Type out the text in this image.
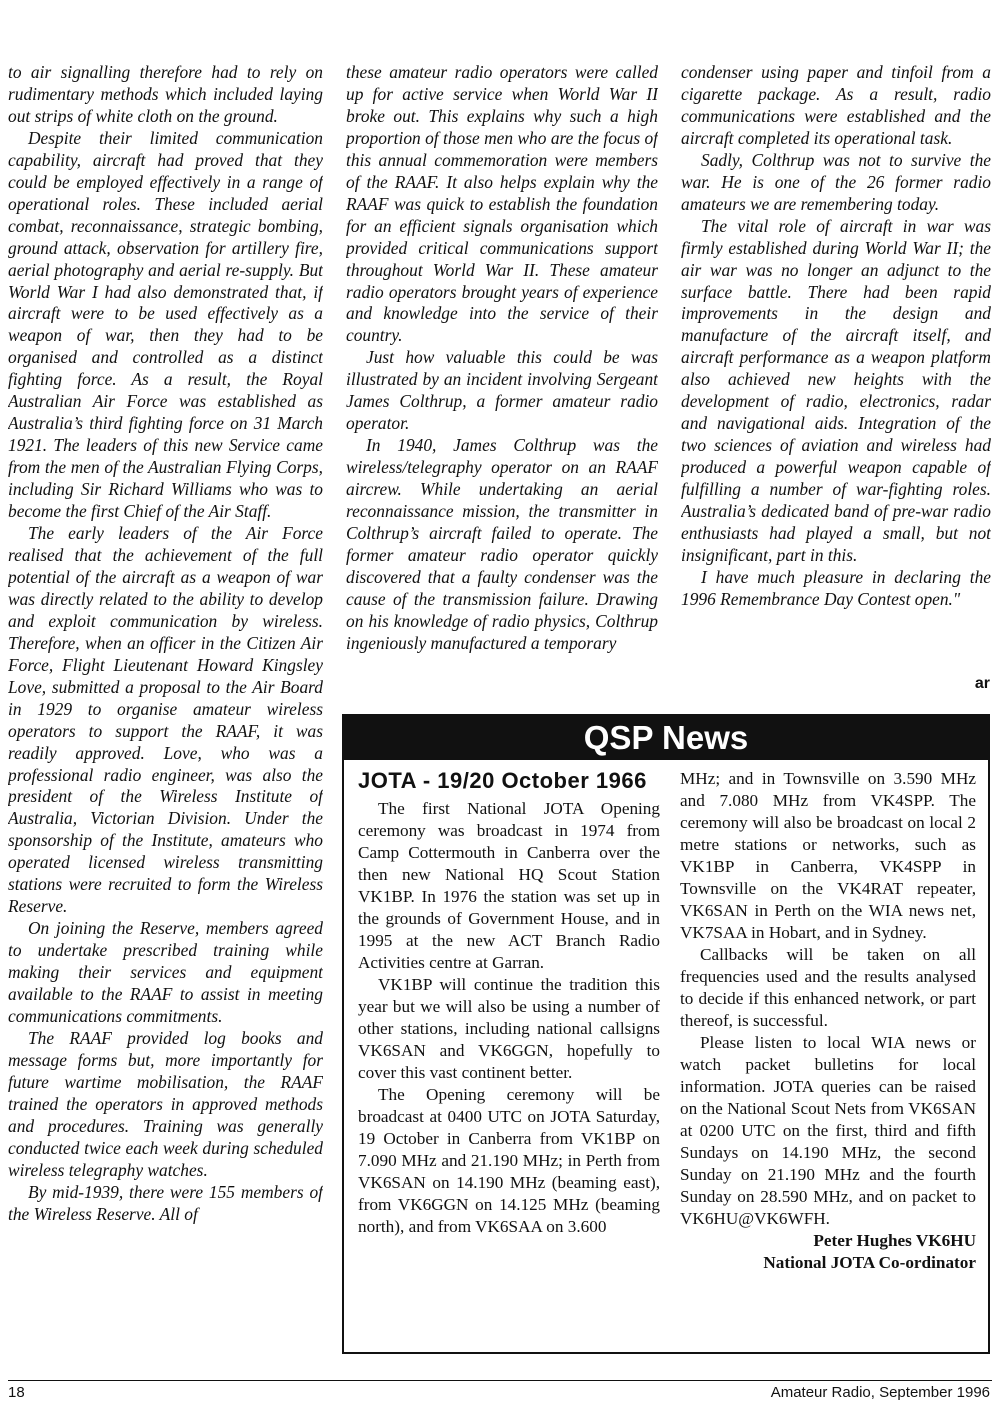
to air signalling therefore had to rely on rudimentary methods which included laying out strips of white cloth on the ground.

Despite their limited communication capability, aircraft had proved that they could be employed effectively in a range of operational roles. These included aerial combat, reconnaissance, strategic bombing, ground attack, observation for artillery fire, aerial photography and aerial re-supply. But World War I had also demonstrated that, if aircraft were to be used effectively as a weapon of war, then they had to be organised and controlled as a distinct fighting force. As a result, the Royal Australian Air Force was established as Australia’s third fighting force on 31 March 1921. The leaders of this new Service came from the men of the Australian Flying Corps, including Sir Richard Williams who was to become the first Chief of the Air Staff.

The early leaders of the Air Force realised that the achievement of the full potential of the aircraft as a weapon of war was directly related to the ability to develop and exploit communication by wireless. Therefore, when an officer in the Citizen Air Force, Flight Lieutenant Howard Kingsley Love, submitted a proposal to the Air Board in 1929 to organise amateur wireless operators to support the RAAF, it was readily approved. Love, who was a professional radio engineer, was also the president of the Wireless Institute of Australia, Victorian Division. Under the sponsorship of the Institute, amateurs who operated licensed wireless transmitting stations were recruited to form the Wireless Reserve.

On joining the Reserve, members agreed to undertake prescribed training while making their services and equipment available to the RAAF to assist in meeting communications commitments.

The RAAF provided log books and message forms but, more importantly for future wartime mobilisation, the RAAF trained the operators in approved methods and procedures. Training was generally conducted twice each week during scheduled wireless telegraphy watches.

By mid-1939, there were 155 members of the Wireless Reserve. All of

these amateur radio operators were called up for active service when World War II broke out. This explains why such a high proportion of those men who are the focus of this annual commemoration were members of the RAAF. It also helps explain why the RAAF was quick to establish the foundation for an efficient signals organisation which provided critical communications support throughout World War II. These amateur radio operators brought years of experience and knowledge into the service of their country.

Just how valuable this could be was illustrated by an incident involving Sergeant James Colthrup, a former amateur radio operator.

In 1940, James Colthrup was the wireless/telegraphy operator on an RAAF aircrew. While undertaking an aerial reconnaissance mission, the transmitter in Colthrup’s aircraft failed to operate. The former amateur radio operator quickly discovered that a faulty condenser was the cause of the transmission failure. Drawing on his knowledge of radio physics, Colthrup ingeniously manufactured a temporary

condenser using paper and tinfoil from a cigarette package. As a result, radio communications were established and the aircraft completed its operational task.

Sadly, Colthrup was not to survive the war. He is one of the 26 former radio amateurs we are remembering today.

The vital role of aircraft in war was firmly established during World War II; the air war was no longer an adjunct to the surface battle. There had been rapid improvements in the design and manufacture of the aircraft itself, and aircraft performance as a weapon platform also achieved new heights with the development of radio, electronics, radar and navigational aids. Integration of the two sciences of aviation and wireless had produced a powerful weapon capable of fulfilling a number of war-fighting roles. Australia’s dedicated band of pre-war radio enthusiasts had played a small, but not insignificant, part in this.

I have much pleasure in declaring the 1996 Remembrance Day Contest open."

ar
QSP News
JOTA - 19/20 October 1966

The first National JOTA Opening ceremony was broadcast in 1974 from Camp Cottermouth in Canberra over the then new National HQ Scout Station VK1BP. In 1976 the station was set up in the grounds of Government House, and in 1995 at the new ACT Branch Radio Activities centre at Garran.

VK1BP will continue the tradition this year but we will also be using a number of other stations, including national callsigns VK6SAN and VK6GGN, hopefully to cover this vast continent better.

The Opening ceremony will be broadcast at 0400 UTC on JOTA Saturday, 19 October in Canberra from VK1BP on 7.090 MHz and 21.190 MHz; in Perth from VK6SAN on 14.190 MHz (beaming east), from VK6GGN on 14.125 MHz (beaming north), and from VK6SAA on 3.600

MHz; and in Townsville on 3.590 MHz and 7.080 MHz from VK4SPP. The ceremony will also be broadcast on local 2 metre stations or networks, such as VK1BP in Canberra, VK4SPP in Townsville on the VK4RAT repeater, VK6SAN in Perth on the WIA news net, VK7SAA in Hobart, and in Sydney.

Callbacks will be taken on all frequencies used and the results analysed to decide if this enhanced network, or part thereof, is successful.

Please listen to local WIA news or watch packet bulletins for local information. JOTA queries can be raised on the National Scout Nets from VK6SAN at 0200 UTC on the first, third and fifth Sundays on 14.190 MHz, the second Sunday on 21.190 MHz and the fourth Sunday on 28.590 MHz, and on packet to VK6HU@VK6WFH.

Peter Hughes VK6HU
National JOTA Co-ordinator
18	Amateur Radio, September 1996
